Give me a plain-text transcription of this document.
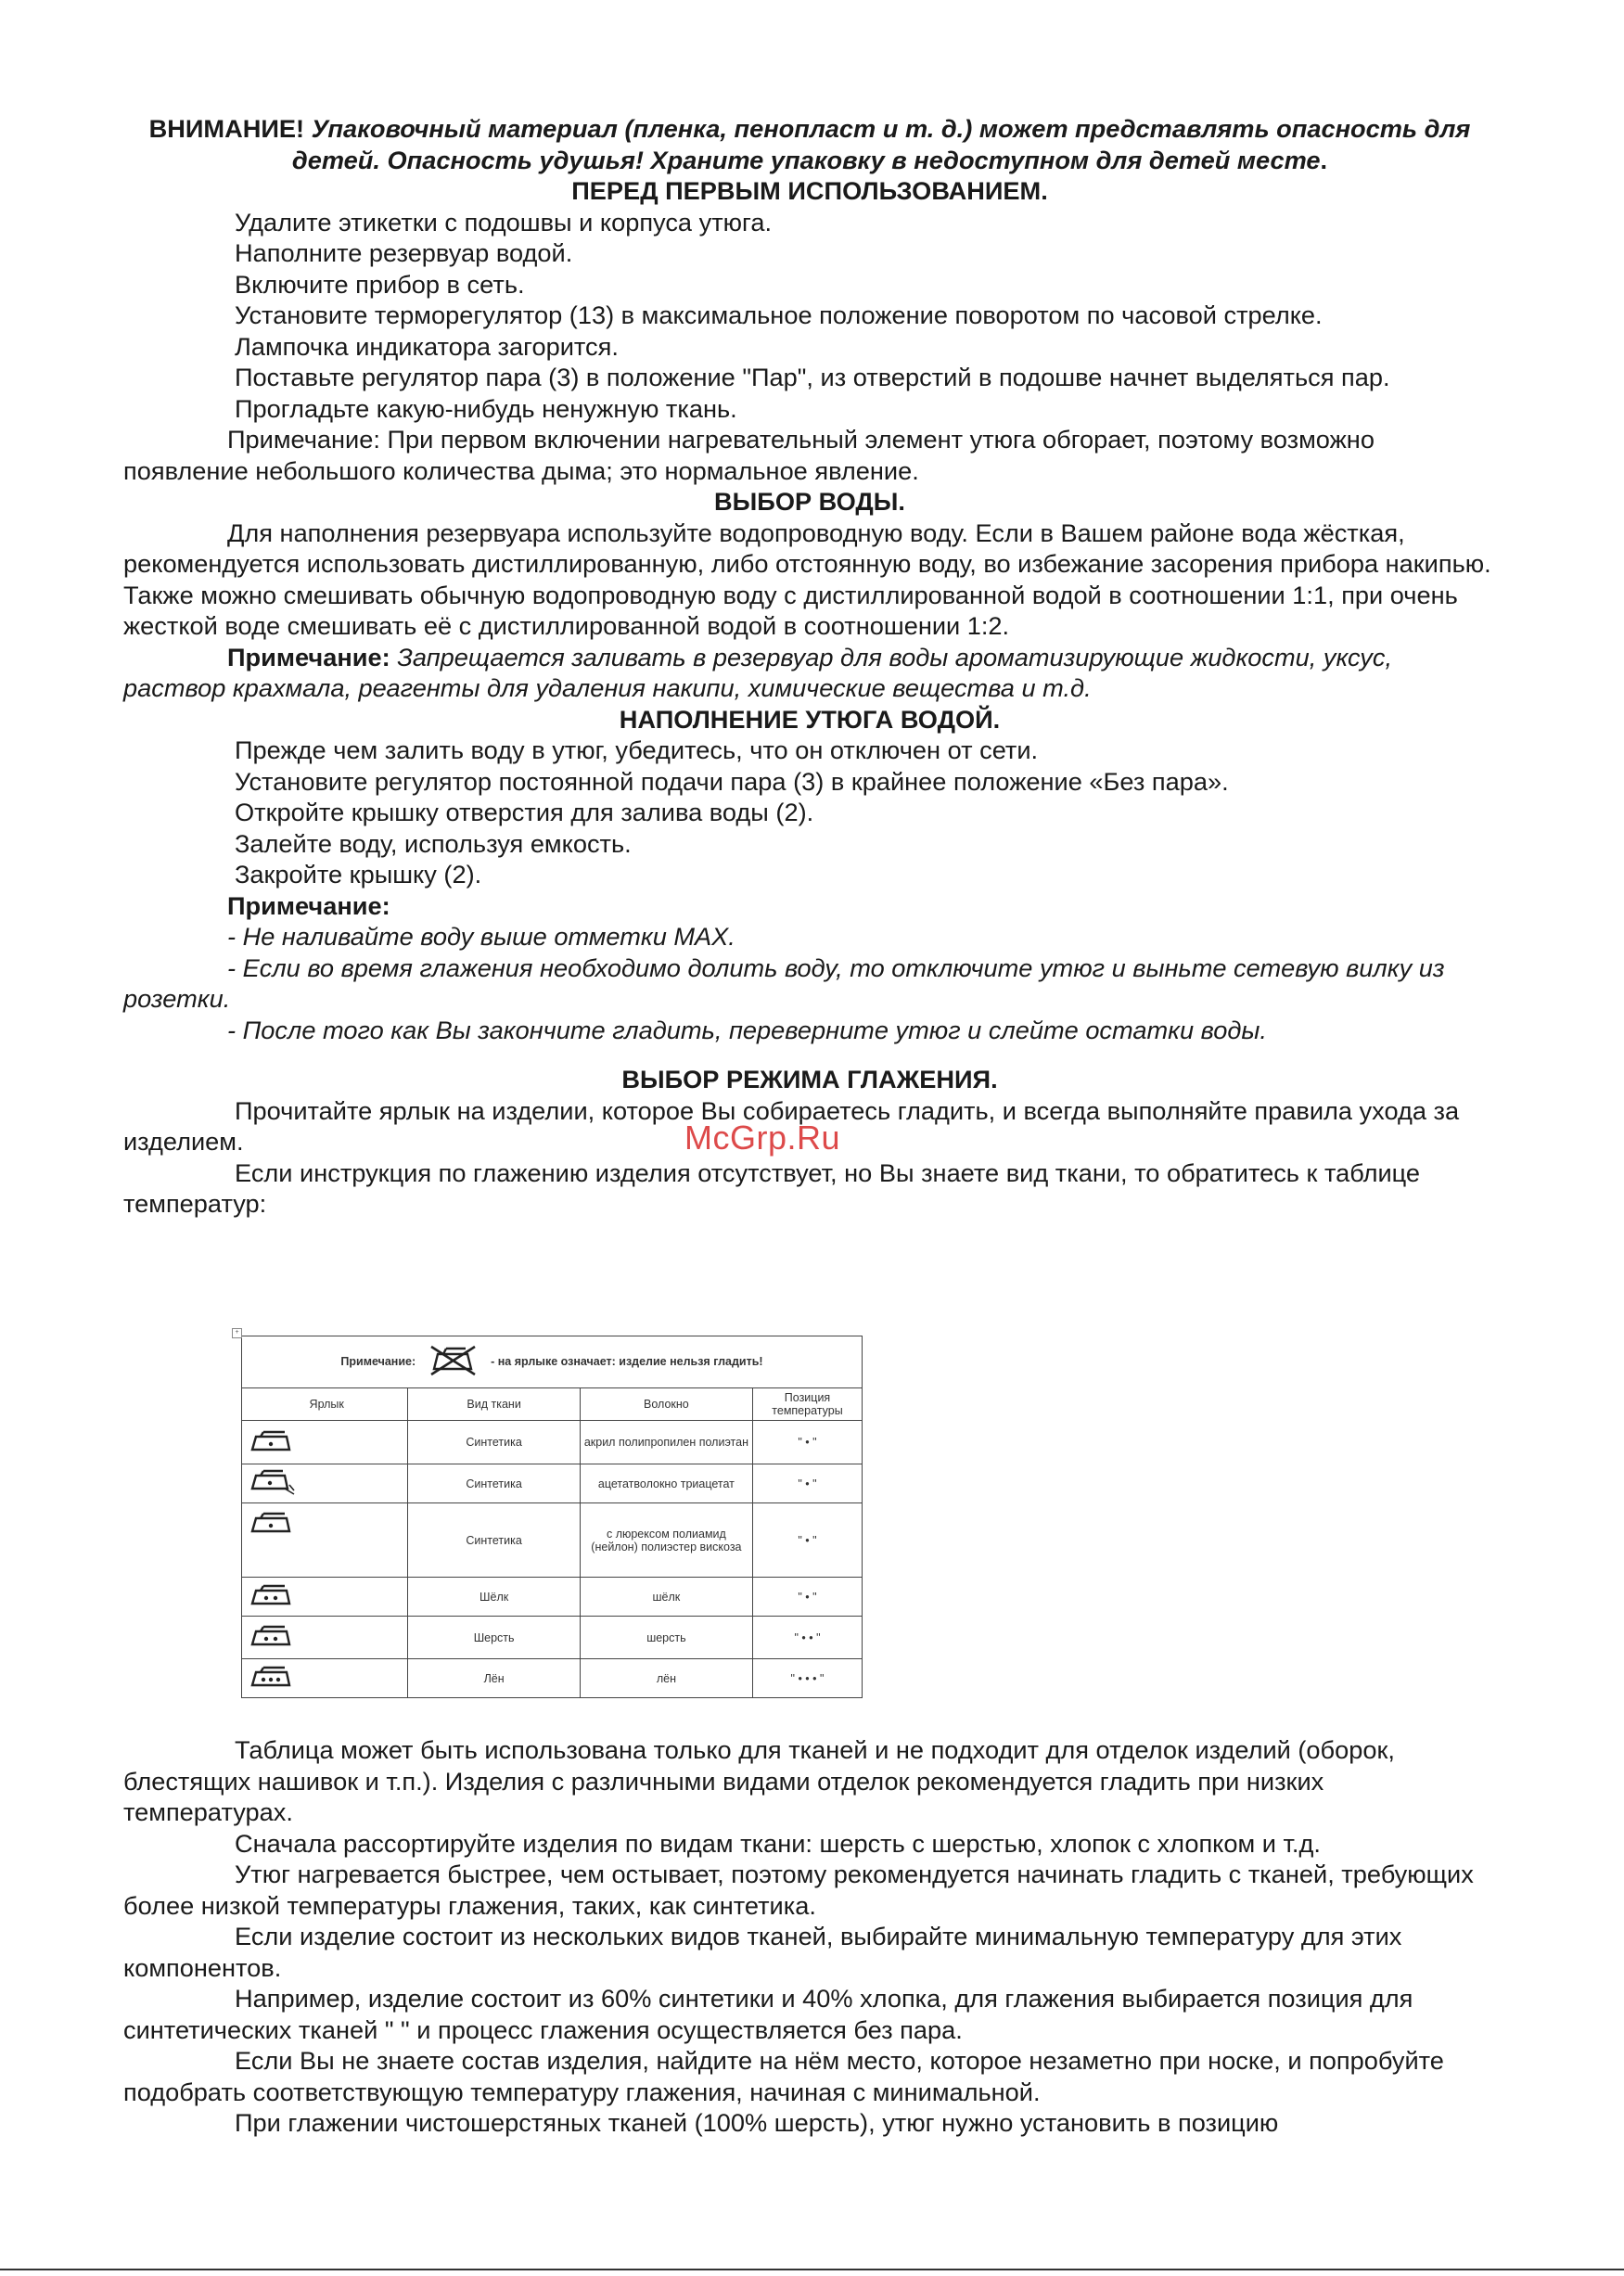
ВНИМАНИЕ! Упаковочный материал (пленка, пенопласт и т. д.) может представлять опасность для детей. Опасность удушья! Храните упаковку в недоступном для детей месте.

ПЕРЕД ПЕРВЫМ ИСПОЛЬЗОВАНИЕМ.

Удалите этикетки с подошвы и корпуса утюга.

Наполните резервуар водой.

Включите прибор в сеть.

Установите терморегулятор (13) в максимальное положение поворотом по часовой стрелке.

Лампочка индикатора загорится.

Поставьте регулятор пара (3) в положение "Пар", из отверстий в подошве начнет выделяться пар.

Прогладьте какую-нибудь ненужную ткань.

Примечание: При первом включении нагревательный элемент утюга обгорает, поэтому возможно появление небольшого количества дыма; это нормальное явление.

ВЫБОР ВОДЫ.

Для наполнения резервуара используйте водопроводную воду. Если в Вашем районе вода жёсткая, рекомендуется использовать дистиллированную, либо отстоянную воду, во избежание засорения прибора накипью. Также можно смешивать обычную водопроводную воду с дистиллированной водой в соотношении 1:1, при очень жесткой воде смешивать её с дистиллированной водой в соотношении 1:2.

Примечание: Запрещается заливать в резервуар для воды ароматизирующие жидкости, уксус, раствор крахмала, реагенты для удаления накипи, химические вещества и т.д.

НАПОЛНЕНИЕ УТЮГА ВОДОЙ.

Прежде чем залить воду в утюг, убедитесь, что он отключен от сети.

Установите регулятор постоянной подачи пара (3) в крайнее положение «Без пара».

Откройте крышку отверстия для залива воды (2).

Залейте воду, используя емкость.

Закройте крышку (2).

Примечание:

- Не наливайте воду выше отметки MAX.

- Если во время глажения необходимо долить воду, то отключите утюг и выньте сетевую вилку из розетки.

- После того как Вы закончите гладить, переверните утюг и слейте остатки воды.

ВЫБОР РЕЖИМА ГЛАЖЕНИЯ.

Прочитайте ярлык на изделии, которое Вы собираетесь гладить, и всегда выполняйте правила ухода за изделием.

Если инструкция по глажению изделия отсутствует, но Вы знаете вид ткани, то обратитесь к таблице температур:

McGrp.Ru
+
Примечание: - на ярлыке означает: изделие нельзя гладить!			
Ярлык	Вид ткани	Волокно	Позиция температуры
	Синтетика	акрил полипропилен полиэтан	" • "
	Синтетика	ацетатволокно триацетат	" • "
	Синтетика	с люрексом полиамид (нейлон) полиэстер вискоза	" • "
	Шёлк	шёлк	" • "
	Шерсть	шерсть	" • • "
	Лён	лён	" • • • "

Таблица может быть использована только для тканей и не подходит для отделок изделий (оборок, блестящих нашивок и т.п.). Изделия с различными видами отделок рекомендуется гладить при низких температурах.

Сначала рассортируйте изделия по видам ткани: шерсть с шерстью, хлопок с хлопком и т.д.

Утюг нагревается быстрее, чем остывает, поэтому рекомендуется начинать гладить с тканей, требующих более низкой температуры глажения, таких, как синтетика.

Если изделие состоит из нескольких видов тканей, выбирайте минимальную температуру для этих компонентов.

Например, изделие состоит из 60% синтетики и 40% хлопка, для глажения выбирается позиция для синтетических тканей " " и процесс глажения осуществляется без пара.

Если Вы не знаете состав изделия, найдите на нём место, которое незаметно при носке, и попробуйте подобрать соответствующую температуру глажения, начиная с минимальной.

При глажении чистошерстяных тканей (100% шерсть), утюг нужно установить в позицию
